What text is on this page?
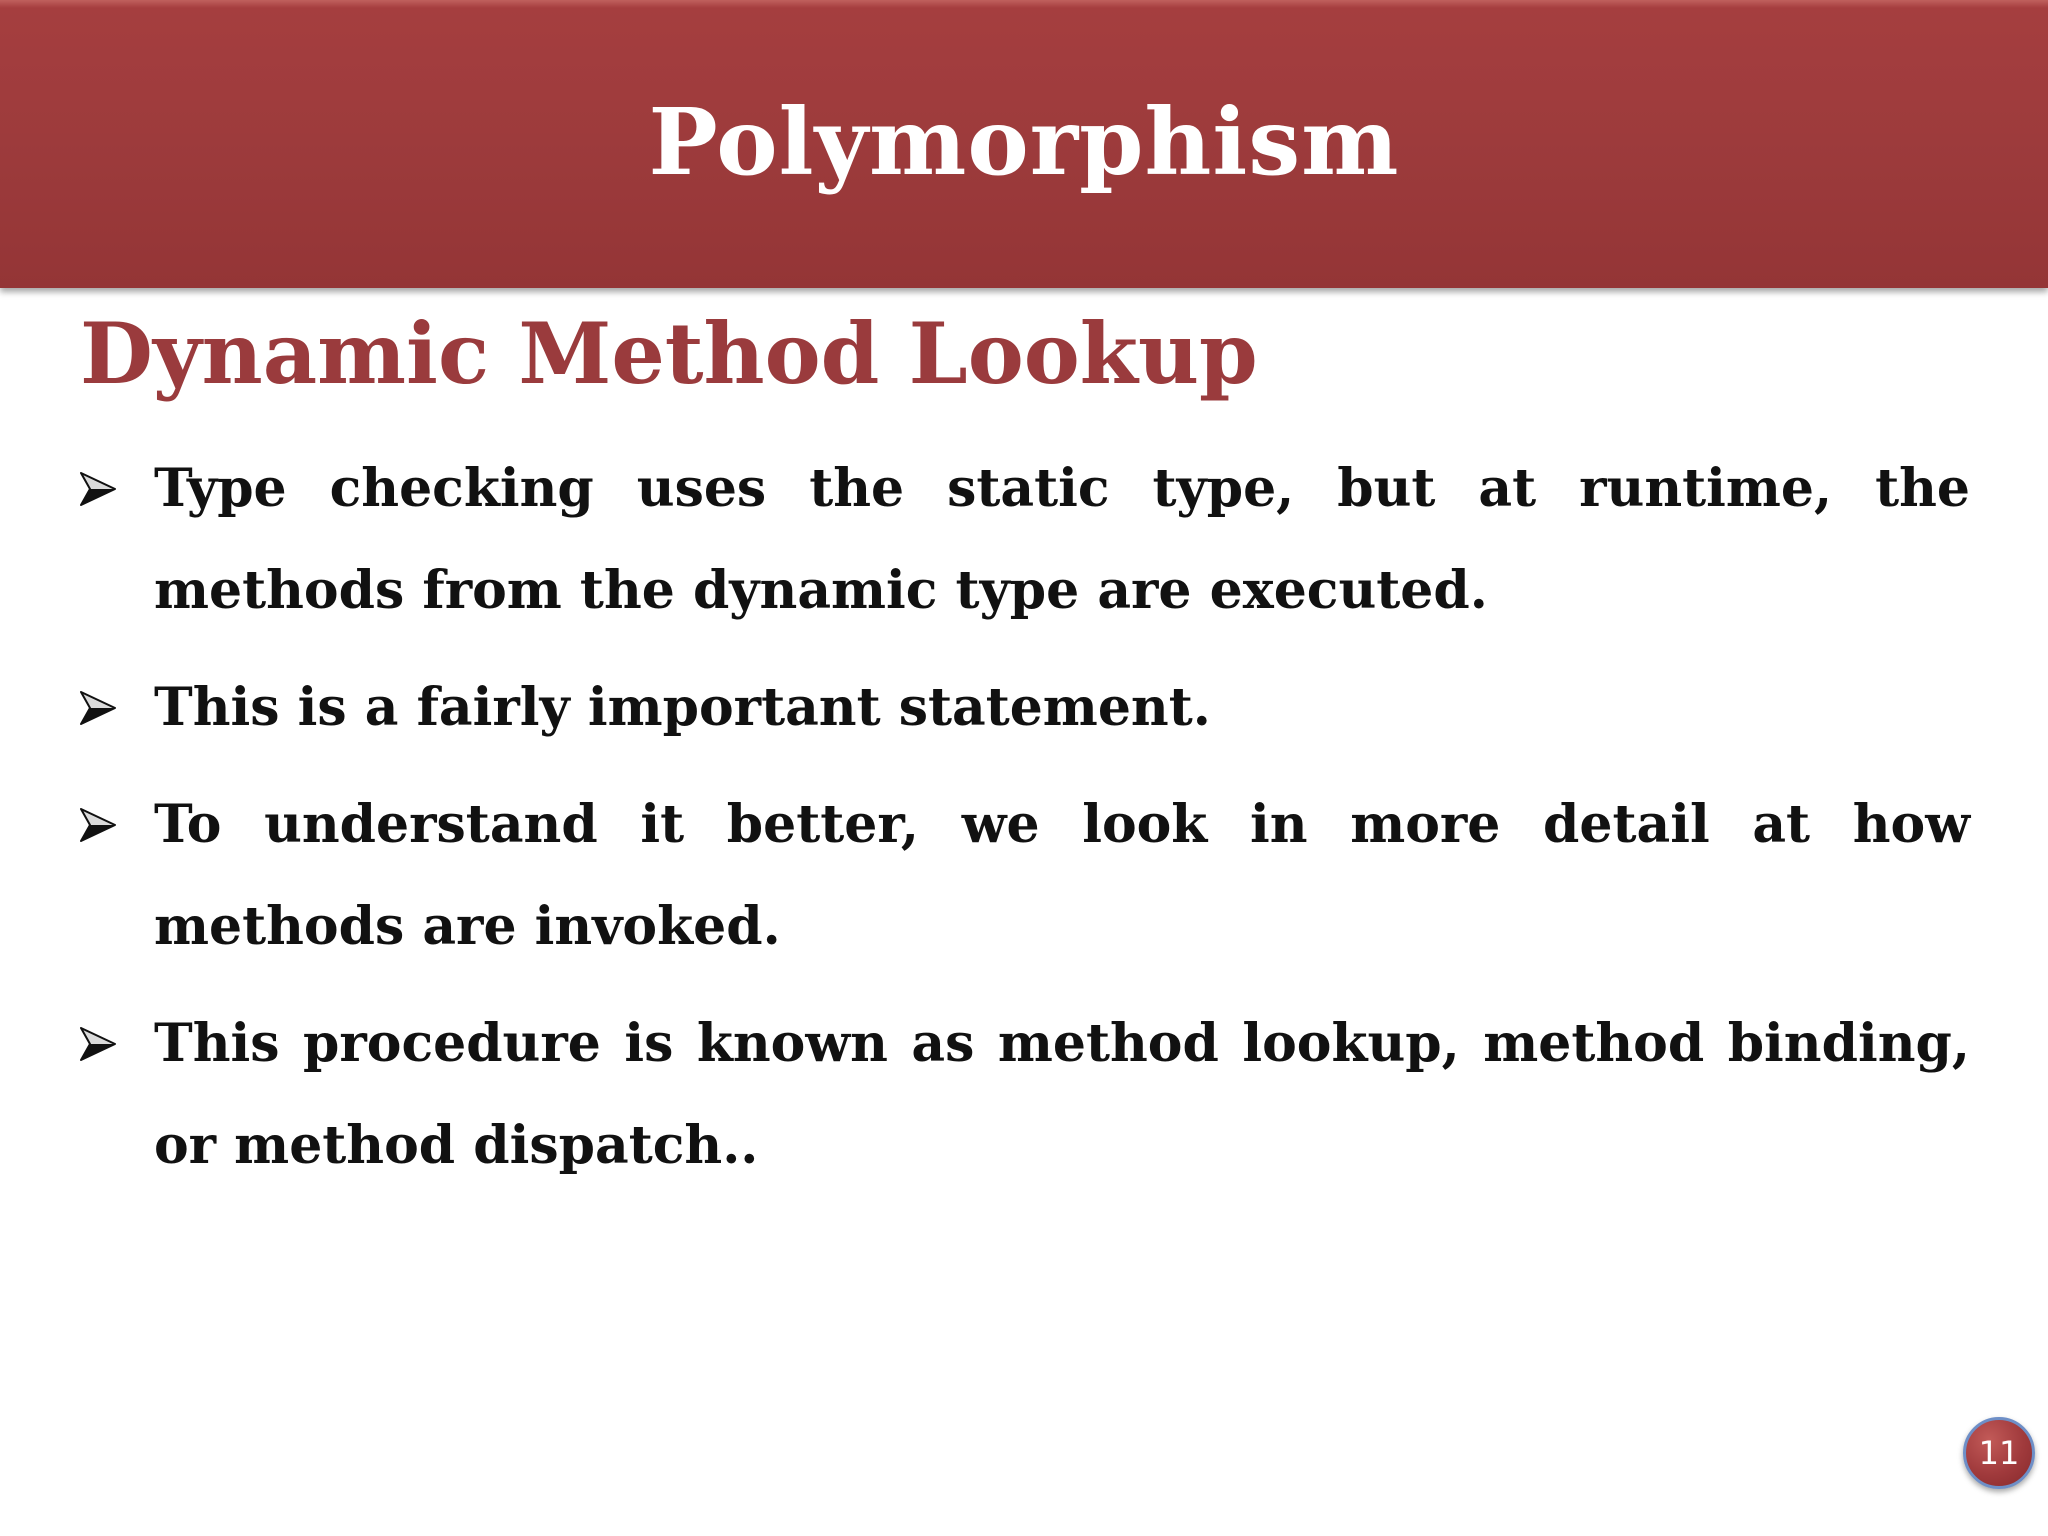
Polymorphism
Dynamic Method Lookup
Type checking uses the static type, but at runtime, the methods from the dynamic type are executed.
This is a fairly important statement.
To understand it better, we look in more detail at how methods are invoked.
This procedure is known as method lookup, method binding, or method dispatch..
11
